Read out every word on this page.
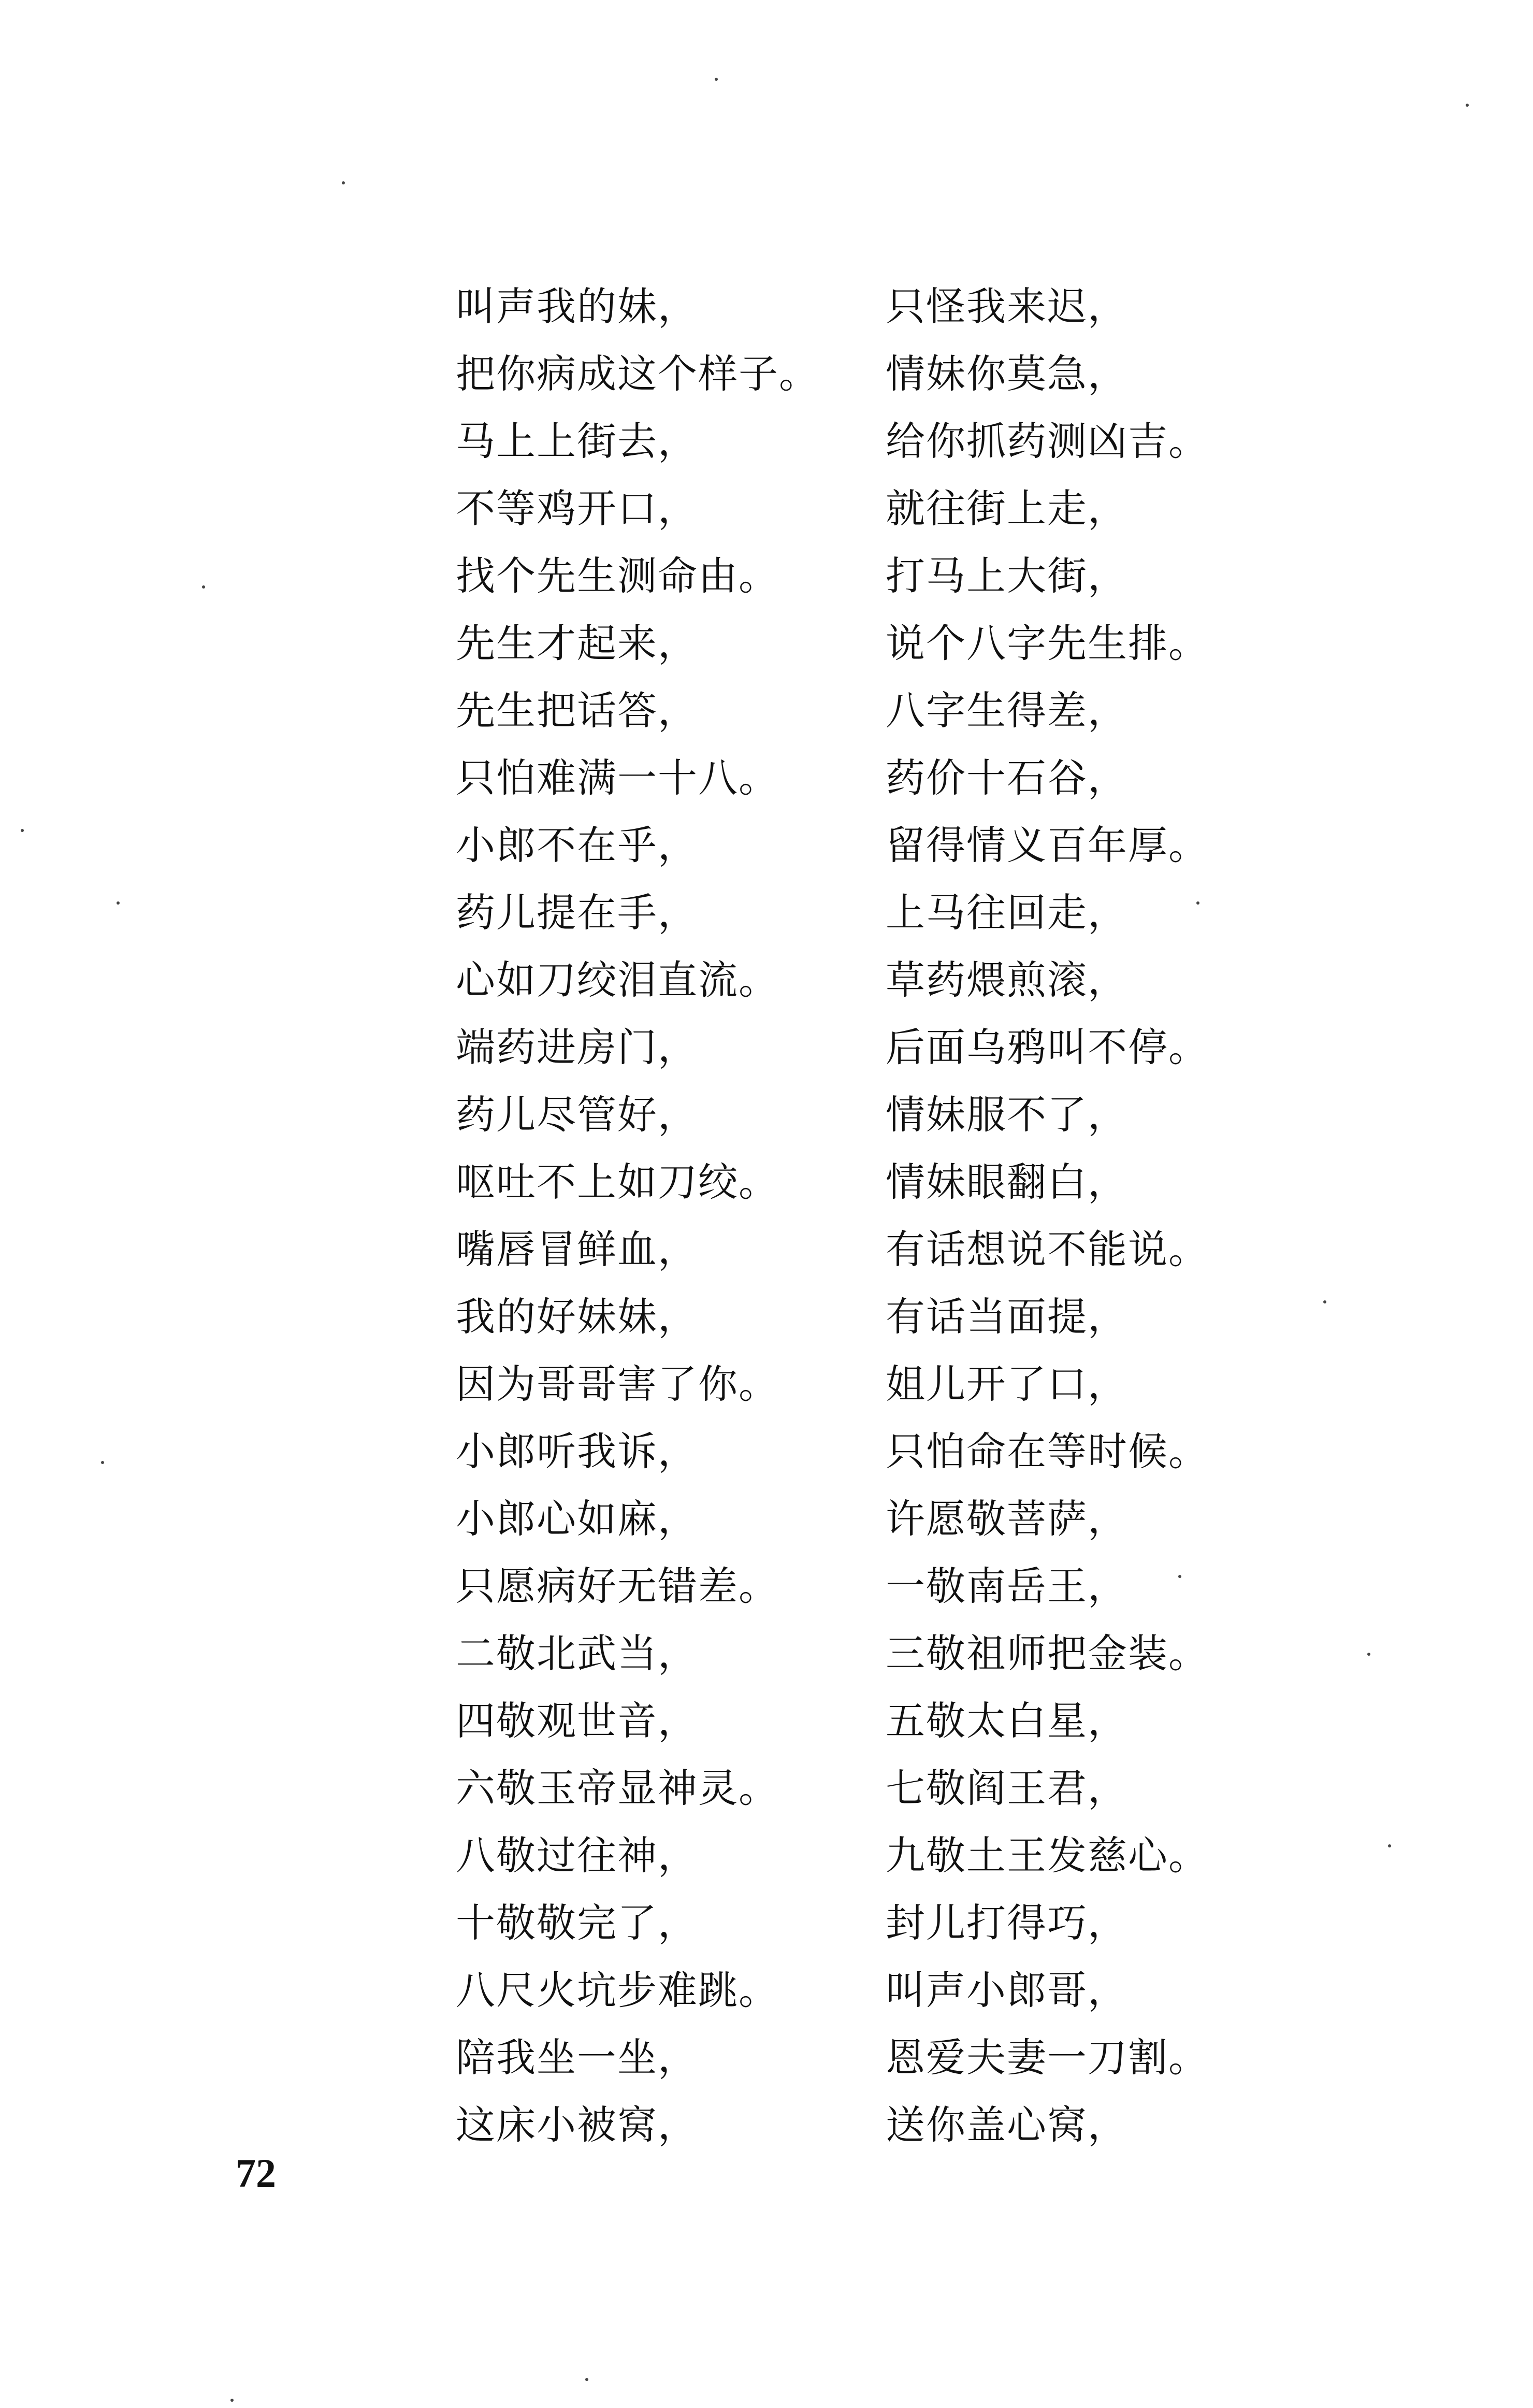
叫声我的妹，	只怪我来迟，
把你病成这个样子。	情妹你莫急，
马上上街去，	给你抓药测凶吉。
不等鸡开口，	就往街上走，
找个先生测命由。	打马上大街，
先生才起来，	说个八字先生排。
先生把话答，	八字生得差，
只怕难满一十八。	药价十石谷，
小郎不在乎，	留得情义百年厚。
药儿提在手，	上马往回走，
心如刀绞泪直流。	草药煨煎滚，
端药进房门，	后面乌鸦叫不停。
药儿尽管好，	情妹服不了，
呕吐不上如刀绞。	情妹眼翻白，
嘴唇冒鲜血，	有话想说不能说。
我的好妹妹，	有话当面提，
因为哥哥害了你。	姐儿开了口，
小郎听我诉，	只怕命在等时候。
小郎心如麻，	许愿敬菩萨，
只愿病好无错差。	一敬南岳王，
二敬北武当，	三敬祖师把金装。
四敬观世音，	五敬太白星，
六敬玉帝显神灵。	七敬阎王君，
八敬过往神，	九敬土王发慈心。
十敬敬完了，	封儿打得巧，
八尺火坑步难跳。	叫声小郎哥，
陪我坐一坐，	恩爱夫妻一刀割。
这床小被窝，	送你盖心窝，
72
